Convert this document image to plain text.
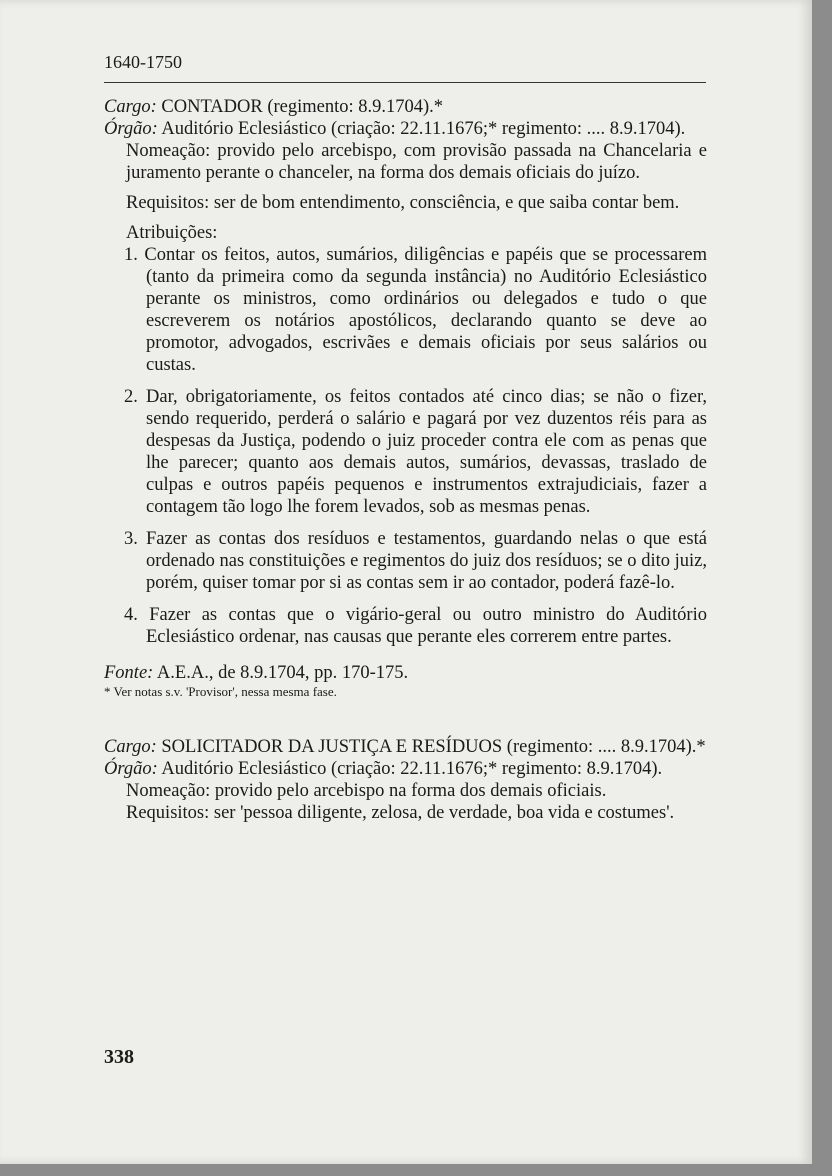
1640-1750

Cargo: CONTADOR (regimento: 8.9.1704).*

Órgão: Auditório Eclesiástico (criação: 22.11.1676;* regimento: .... 8.9.1704).

Nomeação: provido pelo arcebispo, com provisão passada na Chancelaria e juramento perante o chanceler, na forma dos demais oficiais do juízo.

Requisitos: ser de bom entendimento, consciência, e que saiba contar bem.

Atribuições:

1. Contar os feitos, autos, sumários, diligências e papéis que se processarem (tanto da primeira como da segunda instância) no Auditório Eclesiástico perante os ministros, como ordinários ou delegados e tudo o que escreverem os notários apostólicos, declarando quanto se deve ao promotor, advogados, escrivães e demais oficiais por seus salários ou custas.

2. Dar, obrigatoriamente, os feitos contados até cinco dias; se não o fizer, sendo requerido, perderá o salário e pagará por vez duzentos réis para as despesas da Justiça, podendo o juiz proceder contra ele com as penas que lhe parecer; quanto aos demais autos, sumários, devassas, traslado de culpas e outros papéis pequenos e instrumentos extrajudiciais, fazer a contagem tão logo lhe forem levados, sob as mesmas penas.

3. Fazer as contas dos resíduos e testamentos, guardando nelas o que está ordenado nas constituições e regimentos do juiz dos resíduos; se o dito juiz, porém, quiser tomar por si as contas sem ir ao contador, poderá fazê-lo.

4. Fazer as contas que o vigário-geral ou outro ministro do Auditório Eclesiástico ordenar, nas causas que perante eles correrem entre partes.

Fonte: A.E.A., de 8.9.1704, pp. 170-175.

* Ver notas s.v. 'Provisor', nessa mesma fase.

Cargo: SOLICITADOR DA JUSTIÇA E RESÍDUOS (regimento: .... 8.9.1704).*

Órgão: Auditório Eclesiástico (criação: 22.11.1676;* regimento: 8.9.1704).

Nomeação: provido pelo arcebispo na forma dos demais oficiais.

Requisitos: ser 'pessoa diligente, zelosa, de verdade, boa vida e costumes'.

338
